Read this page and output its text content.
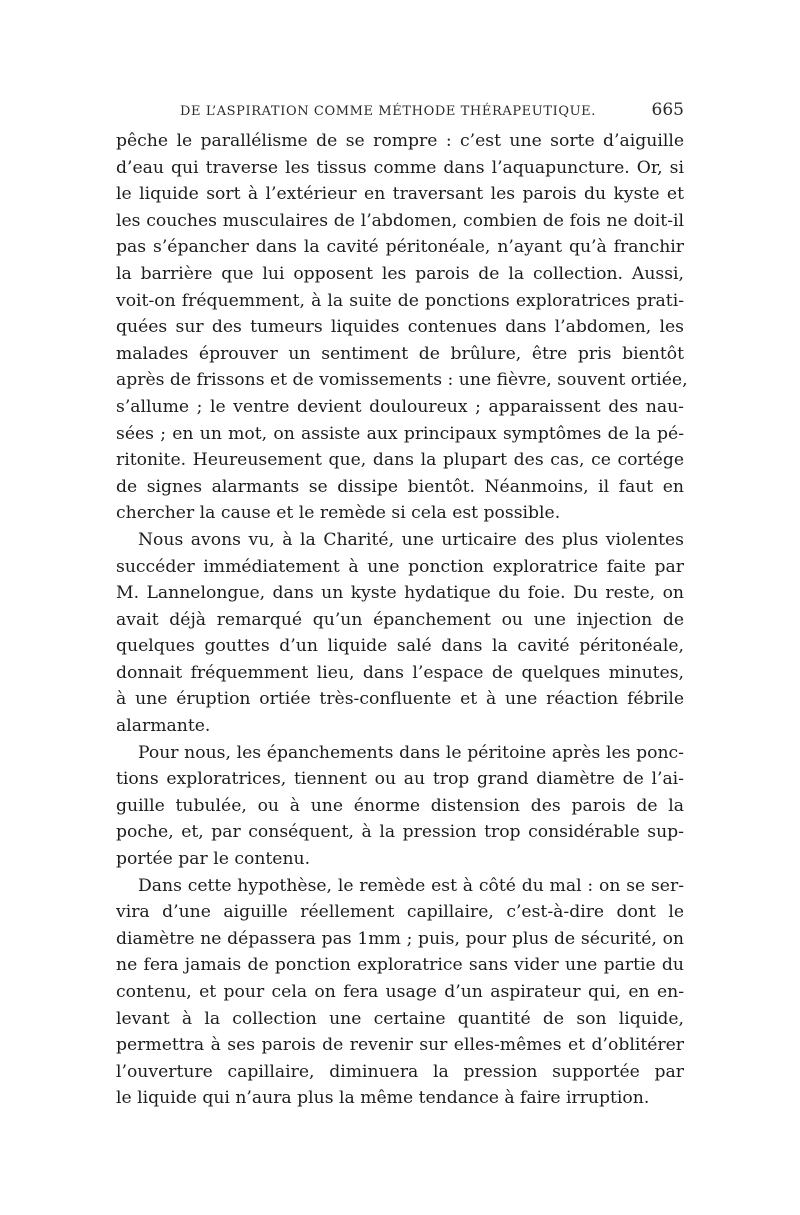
DE L’ASPIRATION COMME MÉTHODE THÉRAPEUTIQUE.	665

pêche le parallélisme de se rompre : c’est une sorte d’aiguille
d’eau qui traverse les tissus comme dans l’aquapuncture. Or, si
le liquide sort à l’extérieur en traversant les parois du kyste et
les couches musculaires de l’abdomen, combien de fois ne doit-il
pas s’épancher dans la cavité péritonéale, n’ayant qu’à franchir
la barrière que lui opposent les parois de la collection. Aussi,
voit-on fréquemment, à la suite de ponctions exploratrices prati-
quées sur des tumeurs liquides contenues dans l’abdomen, les
malades éprouver un sentiment de brûlure, être pris bientôt
après de frissons et de vomissements : une fièvre, souvent ortiée,
s’allume ; le ventre devient douloureux ; apparaissent des nau-
sées ; en un mot, on assiste aux principaux symptômes de la pé-
ritonite. Heureusement que, dans la plupart des cas, ce cortége
de signes alarmants se dissipe bientôt. Néanmoins, il faut en
chercher la cause et le remède si cela est possible.

Nous avons vu, à la Charité, une urticaire des plus violentes
succéder immédiatement à une ponction exploratrice faite par
M. Lannelongue, dans un kyste hydatique du foie. Du reste, on
avait déjà remarqué qu’un épanchement ou une injection de
quelques gouttes d’un liquide salé dans la cavité péritonéale,
donnait fréquemment lieu, dans l’espace de quelques minutes,
à une éruption ortiée très-confluente et à une réaction fébrile
alarmante.

Pour nous, les épanchements dans le péritoine après les ponc-
tions exploratrices, tiennent ou au trop grand diamètre de l’ai-
guille tubulée, ou à une énorme distension des parois de la
poche, et, par conséquent, à la pression trop considérable sup-
portée par le contenu.

Dans cette hypothèse, le remède est à côté du mal : on se ser-
vira d’une aiguille réellement capillaire, c’est-à-dire dont le
diamètre ne dépassera pas 1mm ; puis, pour plus de sécurité, on
ne fera jamais de ponction exploratrice sans vider une partie du
contenu, et pour cela on fera usage d’un aspirateur qui, en en-
levant à la collection une certaine quantité de son liquide,
permettra à ses parois de revenir sur elles-mêmes et d’oblitérer
l’ouverture capillaire, diminuera la pression supportée par
le liquide qui n’aura plus la même tendance à faire irruption.
